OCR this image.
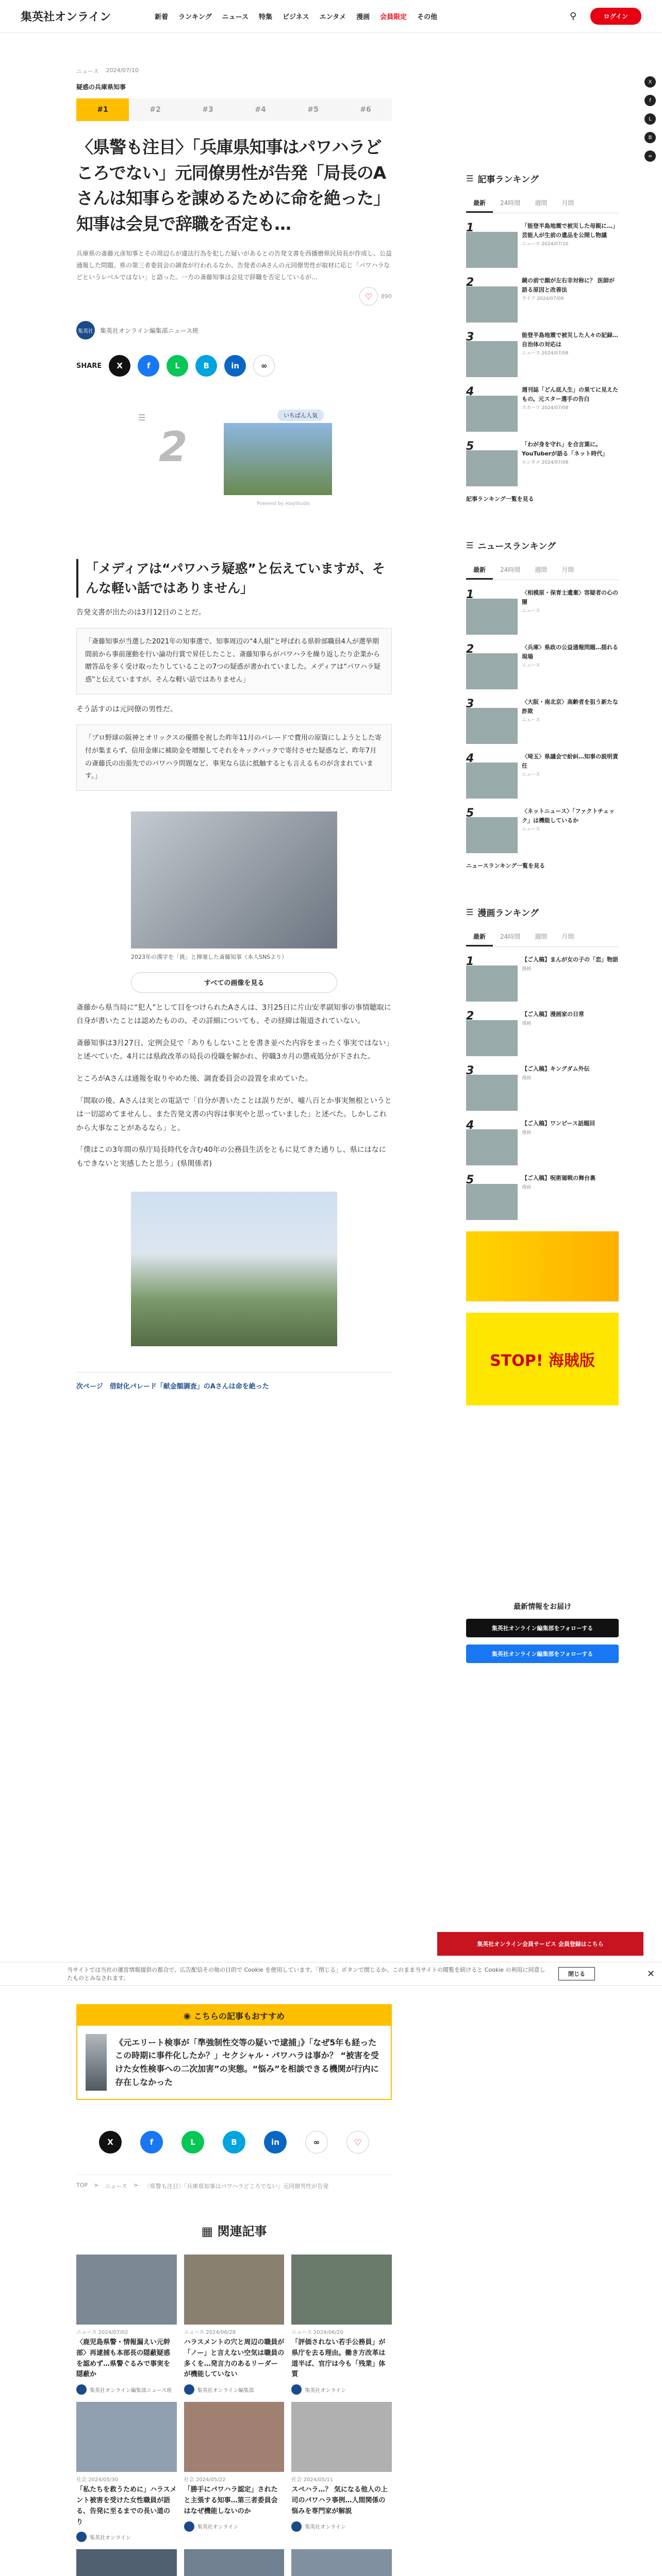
集英社オンライン	新着 ランキング ニュース 特集 ビジネス エンタメ 漫画 会員限定 その他	⚲	ログイン
X
f
L
B
∞
ニュース 2024/07/10
疑惑の兵庫県知事
#1	#2	#3	#4	#5	#6
〈県警も注目〉「兵庫県知事はパワハラどころでない」元同僚男性が告発「局長のAさんは知事らを諌めるために命を絶った」知事は会見で辞職を否定も…

兵庫県の斎藤元彦知事とその周辺らが違法行為を犯した疑いがあるとの告発文書を西播磨県民局長が作成し、公益通報した問題。県の第三者委員会の調査が行われるなか、告発者のAさんの元同僚男性が取材に応じ「パワハラなどというレベルではない」と語った。一方の斎藤知事は会見で辞職を否定しているが…

♡	890
集英社 集英社オンライン編集部ニュース班
SHARE	X	f	L	B	in	∞
☰
2
いちばん人気
Powered by AlayStudio
「メディアは“パワハラ疑惑”と伝えていますが、そんな軽い話ではありません」

告発文書が出たのは3月12日のことだ。

「斎藤知事が当選した2021年の知事選で、知事周辺の“4人組”と呼ばれる県幹部職員4人が選挙期間前から事前運動を行い論功行賞で昇任したこと、斎藤知事らがパワハラを繰り返したり企業から贈答品を多く受け取ったりしていることの7つの疑惑が書かれていました。メディアは“パワハラ疑惑”と伝えていますが、そんな軽い話ではありません」

そう話すのは元同僚の男性だ。

「プロ野球の阪神とオリックスの優勝を祝した昨年11月のパレードで費用の原資にしようとした寄付が集まらず、信用金庫に補助金を増額してそれをキックバックで寄付させた疑惑など、昨年7月の斎藤氏の出張先でのパワハラ問題など、事実なら法に抵触するとも言えるものが含まれています。」
2023年の漢字を「挑」と揮毫した斎藤知事（本人SNSより）
すべての画像を見る

斎藤から県当局に“犯人”として目をつけられたAさんは、3月25日に片山安孝副知事の事情聴取に自身が書いたことは認めたものの、その詳細についても、その経緯は報道されていない。

斎藤知事は3月27日、定例会見で「ありもしないことを書き並べた内容をまったく事実ではない」と述べていた。4月には県政改革の局長の役職を解かれ、停職3カ月の懲戒処分が下された。

ところがAさんは通報を取りやめた後、調査委員会の設置を求めていた。

「間取の後、Aさんは実との電話で「自分が書いたことは誤りだが、嘘八百とか事実無根というとは一切認めてませんし、また告発文書の内容は事実やと思っていました」と述べた。しかしこれから大事なことがあるなら」と。

「僕はこの3年間の県庁局長時代を含む40年の公務員生活をともに見てきた通りし、県にはなにもできないと実感したと思う」(県関係者)

次ページ　借財化パレード「献金額調査」のAさんは命を絶った
当サイトでは当社の運営情報提供の都合で、広告配信その他の目的で Cookie を使用しています。「閉じる」ボタンで閉じるか、このまま当サイトの閲覧を続けると Cookie の利用に同意したものとみなされます。
閉じる	✕
集英社オンライン会員サービス 会員登録はこちら
◉ こちらの記事もおすすめ
《元エリート検事が「準強制性交等の疑いで逮捕」》「なぜ5年も経ったこの時期に事件化したか？」セクシャル・パワハラは事か？ “被害を受けた女性検事への二次加害”の実態。“悩み”を相談できる機関が行内に存在しなかった
X	f	L	B	in	∞	♡
TOP > ニュース > 〈県警も注目〉「兵庫県知事はパワハラどころでない」元同僚男性が告発
▦ 関連記事
ニュース 2024/07/02
〈鹿児島県警・情報漏えい元幹部〉再逮捕も本部長の隠蔽疑惑を認めず…県警ぐるみで事実を隠蔽か
集英社オンライン編集部ニュース班
ニュース 2024/06/28
ハラスメントの穴と周辺の職員が「ノー」と言えない空気は職員の多くを…発言力のあるリーダーが機能していない
集英社オンライン編集部
ニュース 2024/06/20
「評価されない若手公務員」が県庁を去る理由。働き方改革は道半ば、官庁は今も「残業」体質
集英社オンライン
社会 2024/05/30
「私たちを救うために」ハラスメント被害を受けた女性職員が語る、告発に至るまでの長い道のり
集英社オンライン
社会 2024/05/22
「勝手にパワハラ認定」されたと主張する知事…第三者委員会はなぜ機能しないのか
集英社オンライン
社会 2024/05/11
スペハラ…？ 気になる他人の上司のパワハラ事例…人間関係の悩みを専門家が解説
集英社オンライン
☰ 記事ランキング
最新	24時間	週間	月間
1	「能登半島地震で被災した母親に…」芸能人が生前の遺品を公開し物議
ニュース 2024/07/10
2	鏡の前で顔が左右非対称に？ 医師が語る原因と改善法
ライフ 2024/07/09
3	能登半島地震で被災した人々の記録…自治体の対応は
ニュース 2024/07/09
4	週刊誌「どん底人生」の果てに見えたもの。元スター選手の告白
スポーツ 2024/07/08
5	「わが身を守れ」を合言葉に。YouTuberが語る「ネット時代」
エンタメ 2024/07/08
記事ランキング一覧を見る
☰ ニュースランキング
最新	24時間	週間	月間
1	〈相模原・保育士遺棄〉容疑者の心の闇
ニュース
2	〈兵庫〉県政の公益通報問題…揺れる現場
ニュース
3	〈大阪・南北京〉高齢者を狙う新たな詐欺
ニュース
4	〈埼玉〉県議会で紛糾…知事の説明責任
ニュース
5	〈ネットニュース〉「ファクトチェック」は機能しているか
ニュース
ニュースランキング一覧を見る
☰ 漫画ランキング
最新	24時間	週間	月間
1	【ご入稿】まんが女の子の「恋」物語
漫画
2	【ご入稿】漫画家の日常
漫画
3	【ご入稿】キングダム外伝
漫画
4	【ご入稿】ワンピース話題回
漫画
5	【ご入稿】呪術廻戦の舞台裏
漫画
STOP! 海賊版
最新情報をお届け
集英社オンライン編集部をフォローする
集英社オンライン編集部をフォローする
